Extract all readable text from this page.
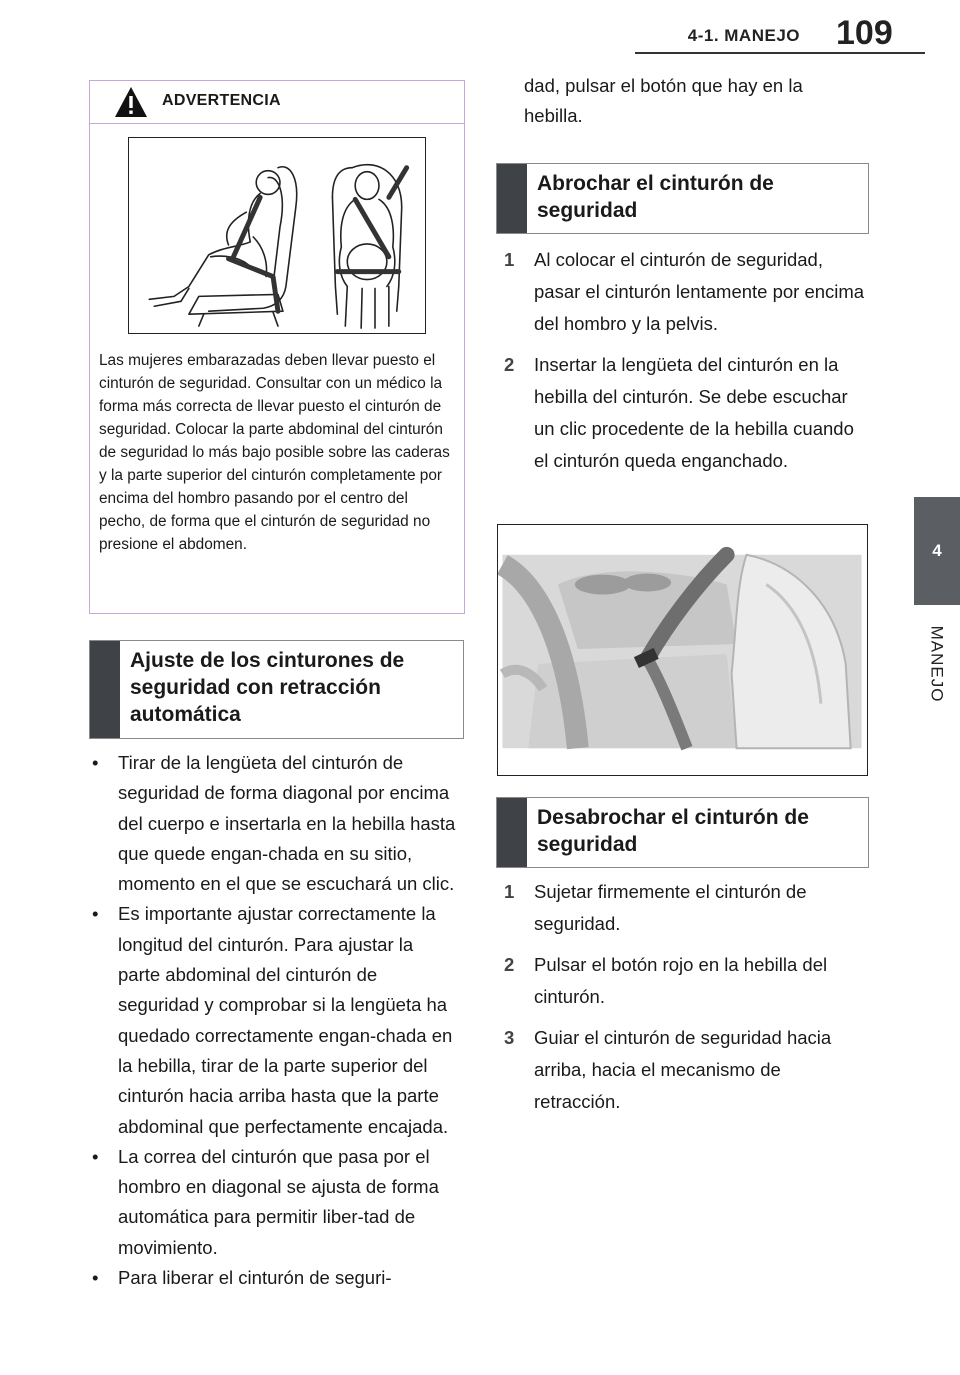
4-1. MANEJO 109
4
MANEJO
ADVERTENCIA
Las mujeres embarazadas deben llevar puesto el cinturón de seguridad. Consultar con un médico la forma más correcta de llevar puesto el cinturón de seguridad. Colocar la parte abdominal del cinturón de seguridad lo más bajo posible sobre las caderas y la parte superior del cinturón completamente por encima del hombro pasando por el centro del pecho, de forma que el cinturón de seguridad no presione el abdomen.
Ajuste de los cinturones de seguridad con retracción automática
• Tirar de la lengüeta del cinturón de seguridad de forma diagonal por encima del cuerpo e insertarla en la hebilla hasta que quede engan-chada en su sitio, momento en el que se escuchará un clic.
• Es importante ajustar correctamente la longitud del cinturón. Para ajustar la parte abdominal del cinturón de seguridad y comprobar si la lengüeta ha quedado correctamente engan-chada en la hebilla, tirar de la parte superior del cinturón hacia arriba hasta que la parte abdominal que perfectamente encajada.
• La correa del cinturón que pasa por el hombro en diagonal se ajusta de forma automática para permitir liber-tad de movimiento.
• Para liberar el cinturón de seguri-
dad, pulsar el botón que hay en la hebilla.
Abrochar el cinturón de seguridad
1 Al colocar el cinturón de seguridad, pasar el cinturón lentamente por encima del hombro y la pelvis.
2 Insertar la lengüeta del cinturón en la hebilla del cinturón. Se debe escuchar un clic procedente de la hebilla cuando el cinturón queda enganchado.
Desabrochar el cinturón de seguridad
1 Sujetar firmemente el cinturón de seguridad.
2 Pulsar el botón rojo en la hebilla del cinturón.
3 Guiar el cinturón de seguridad hacia arriba, hacia el mecanismo de retracción.
